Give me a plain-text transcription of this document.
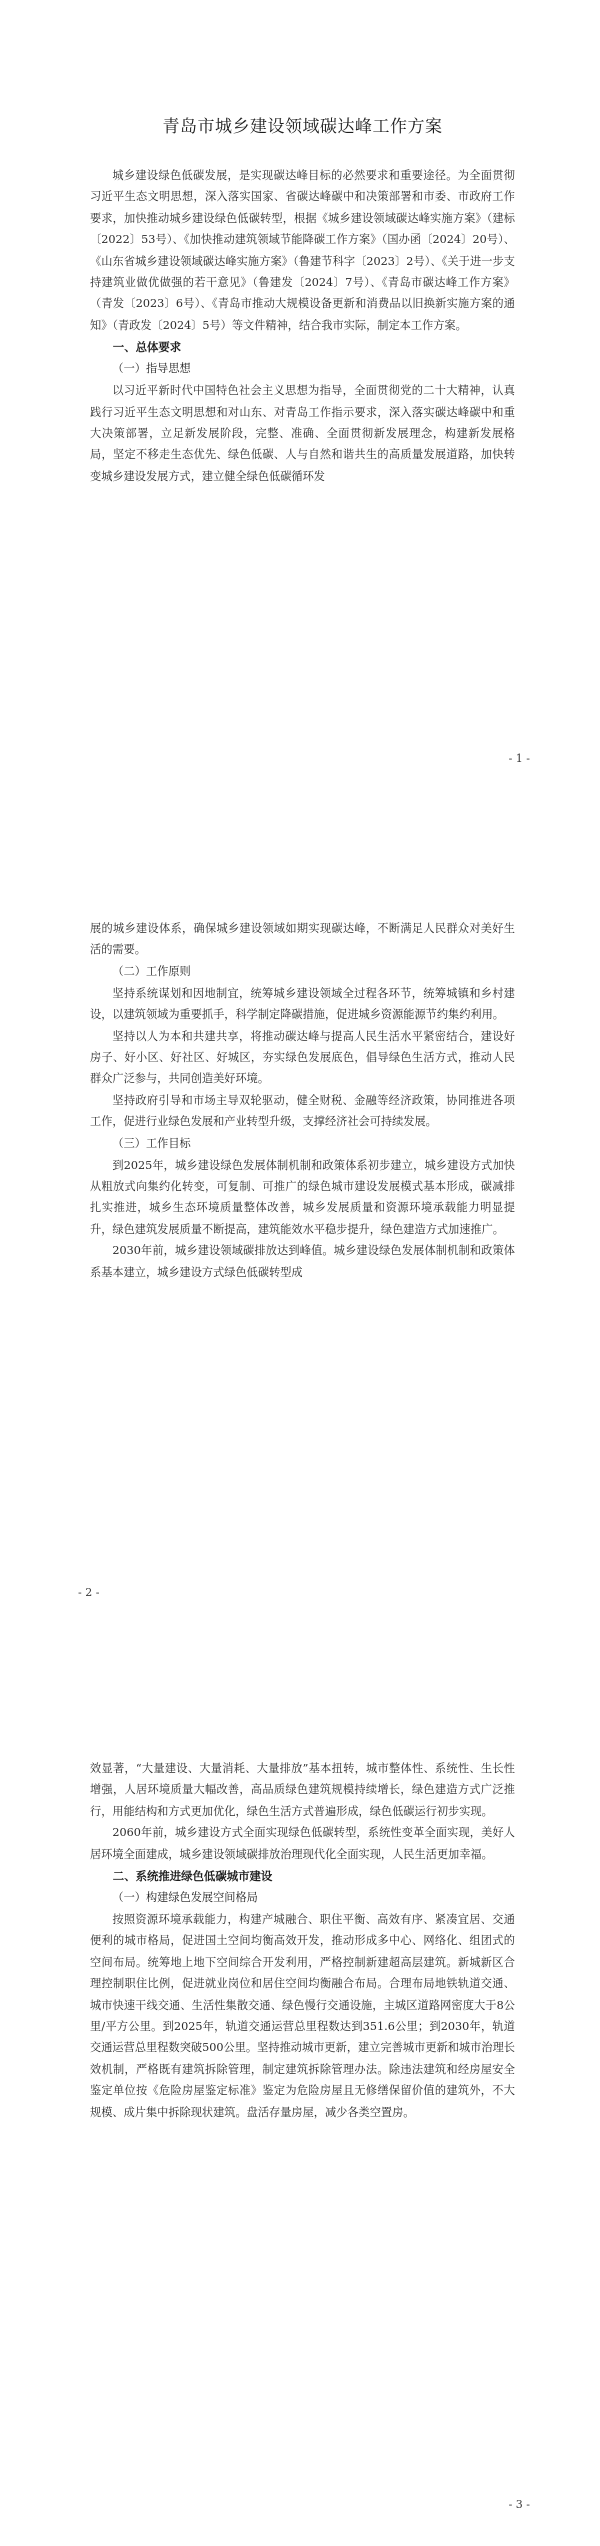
青岛市城乡建设领域碳达峰工作方案

城乡建设绿色低碳发展，是实现碳达峰目标的必然要求和重要途径。为全面贯彻习近平生态文明思想，深入落实国家、省碳达峰碳中和决策部署和市委、市政府工作要求，加快推动城乡建设绿色低碳转型，根据《城乡建设领域碳达峰实施方案》（建标〔2022〕53号）、《加快推动建筑领域节能降碳工作方案》（国办函〔2024〕20号）、《山东省城乡建设领域碳达峰实施方案》（鲁建节科字〔2023〕2号）、《关于进一步支持建筑业做优做强的若干意见》（鲁建发〔2024〕7号）、《青岛市碳达峰工作方案》（青发〔2023〕6号）、《青岛市推动大规模设备更新和消费品以旧换新实施方案的通知》（青政发〔2024〕5号）等文件精神，结合我市实际，制定本工作方案。

一、总体要求

（一）指导思想

以习近平新时代中国特色社会主义思想为指导，全面贯彻党的二十大精神，认真践行习近平生态文明思想和对山东、对青岛工作指示要求，深入落实碳达峰碳中和重大决策部署，立足新发展阶段，完整、准确、全面贯彻新发展理念，构建新发展格局，坚定不移走生态优先、绿色低碳、人与自然和谐共生的高质量发展道路，加快转变城乡建设发展方式，建立健全绿色低碳循环发

- 1 -

展的城乡建设体系，确保城乡建设领域如期实现碳达峰，不断满足人民群众对美好生活的需要。

（二）工作原则

坚持系统谋划和因地制宜，统筹城乡建设领域全过程各环节，统筹城镇和乡村建设，以建筑领域为重要抓手，科学制定降碳措施，促进城乡资源能源节约集约利用。

坚持以人为本和共建共享，将推动碳达峰与提高人民生活水平紧密结合，建设好房子、好小区、好社区、好城区，夯实绿色发展底色，倡导绿色生活方式，推动人民群众广泛参与，共同创造美好环境。

坚持政府引导和市场主导双轮驱动，健全财税、金融等经济政策，协同推进各项工作，促进行业绿色发展和产业转型升级，支撑经济社会可持续发展。

（三）工作目标

到2025年，城乡建设绿色发展体制机制和政策体系初步建立，城乡建设方式加快从粗放式向集约化转变，可复制、可推广的绿色城市建设发展模式基本形成，碳减排扎实推进，城乡生态环境质量整体改善，城乡发展质量和资源环境承载能力明显提升，绿色建筑发展质量不断提高，建筑能效水平稳步提升，绿色建造方式加速推广。

2030年前，城乡建设领域碳排放达到峰值。城乡建设绿色发展体制机制和政策体系基本建立，城乡建设方式绿色低碳转型成

- 2 -

效显著，“大量建设、大量消耗、大量排放”基本扭转，城市整体性、系统性、生长性增强，人居环境质量大幅改善，高品质绿色建筑规模持续增长，绿色建造方式广泛推行，用能结构和方式更加优化，绿色生活方式普遍形成，绿色低碳运行初步实现。

2060年前，城乡建设方式全面实现绿色低碳转型，系统性变革全面实现，美好人居环境全面建成，城乡建设领域碳排放治理现代化全面实现，人民生活更加幸福。

二、系统推进绿色低碳城市建设

（一）构建绿色发展空间格局

按照资源环境承载能力，构建产城融合、职住平衡、高效有序、紧凑宜居、交通便利的城市格局，促进国土空间均衡高效开发，推动形成多中心、网络化、组团式的空间布局。统筹地上地下空间综合开发利用，严格控制新建超高层建筑。新城新区合理控制职住比例，促进就业岗位和居住空间均衡融合布局。合理布局地铁轨道交通、城市快速干线交通、生活性集散交通、绿色慢行交通设施，主城区道路网密度大于8公里/平方公里。到2025年，轨道交通运营总里程数达到351.6公里；到2030年，轨道交通运营总里程数突破500公里。坚持推动城市更新，建立完善城市更新和城市治理长效机制，严格既有建筑拆除管理，制定建筑拆除管理办法。除违法建筑和经房屋安全鉴定单位按《危险房屋鉴定标准》鉴定为危险房屋且无修缮保留价值的建筑外，不大规模、成片集中拆除现状建筑。盘活存量房屋，减少各类空置房。

- 3 -
